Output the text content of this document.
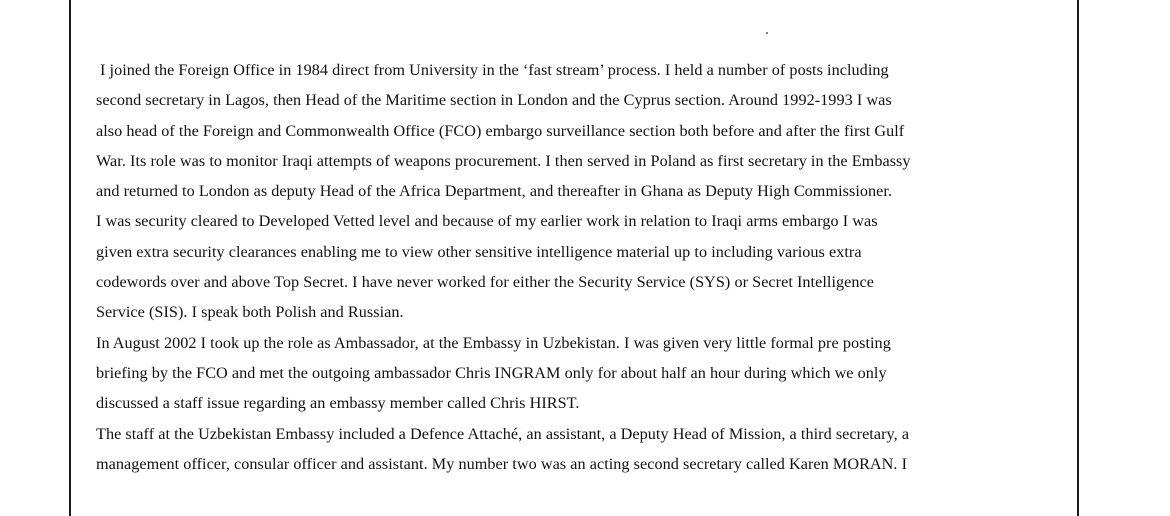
I joined the Foreign Office in 1984 direct from University in the ‘fast stream’ process. I held a number of posts including
second secretary in Lagos, then Head of the Maritime section in London and the Cyprus section. Around 1992-1993 I was
also head of the Foreign and Commonwealth Office (FCO) embargo surveillance section both before and after the first Gulf
War. Its role was to monitor Iraqi attempts of weapons procurement. I then served in Poland as first secretary in the Embassy
and returned to London as deputy Head of the Africa Department, and thereafter in Ghana as Deputy High Commissioner.
I was security cleared to Developed Vetted level and because of my earlier work in relation to Iraqi arms embargo I was
given extra security clearances enabling me to view other sensitive intelligence material up to including various extra
codewords over and above Top Secret. I have never worked for either the Security Service (SYS) or Secret Intelligence
Service (SIS). I speak both Polish and Russian.
In August 2002 I took up the role as Ambassador, at the Embassy in Uzbekistan. I was given very little formal pre posting
briefing by the FCO and met the outgoing ambassador Chris INGRAM only for about half an hour during which we only
discussed a staff issue regarding an embassy member called Chris HIRST.
The staff at the Uzbekistan Embassy included a Defence Attaché, an assistant, a Deputy Head of Mission, a third secretary, a
management officer, consular officer and assistant. My number two was an acting second secretary called Karen MORAN. I
